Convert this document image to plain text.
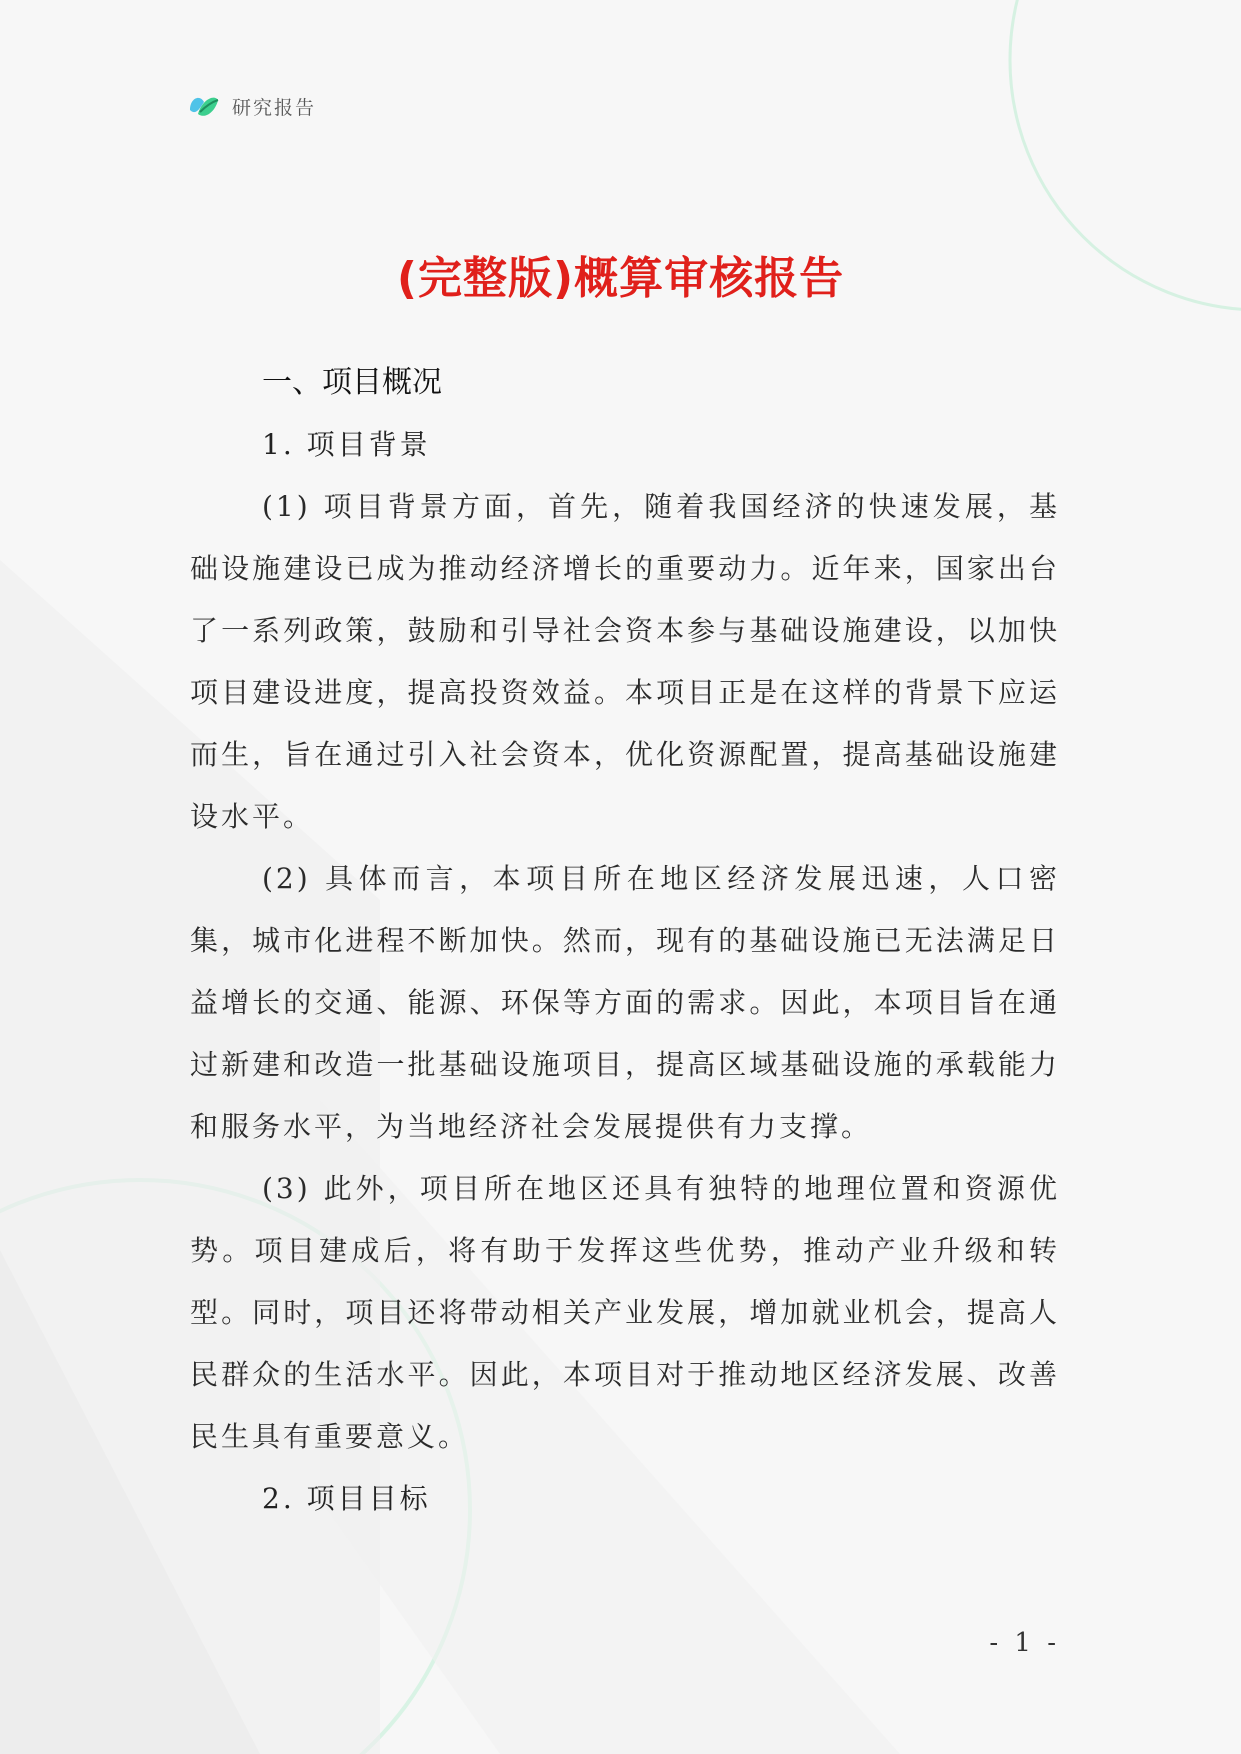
研究报告
(完整版)概算审核报告
一、项目概况
1. 项目背景

(1) 项目背景方面，首先，随着我国经济的快速发展，基础设施建设已成为推动经济增长的重要动力。近年来，国家出台了一系列政策，鼓励和引导社会资本参与基础设施建设，以加快项目建设进度，提高投资效益。本项目正是在这样的背景下应运而生，旨在通过引入社会资本，优化资源配置，提高基础设施建设水平。

(2) 具体而言，本项目所在地区经济发展迅速，人口密集，城市化进程不断加快。然而，现有的基础设施已无法满足日益增长的交通、能源、环保等方面的需求。因此，本项目旨在通过新建和改造一批基础设施项目，提高区域基础设施的承载能力和服务水平，为当地经济社会发展提供有力支撑。

(3) 此外，项目所在地区还具有独特的地理位置和资源优势。项目建成后，将有助于发挥这些优势，推动产业升级和转型。同时，项目还将带动相关产业发展，增加就业机会，提高人民群众的生活水平。因此，本项目对于推动地区经济发展、改善民生具有重要意义。

2. 项目目标
- 1 -
